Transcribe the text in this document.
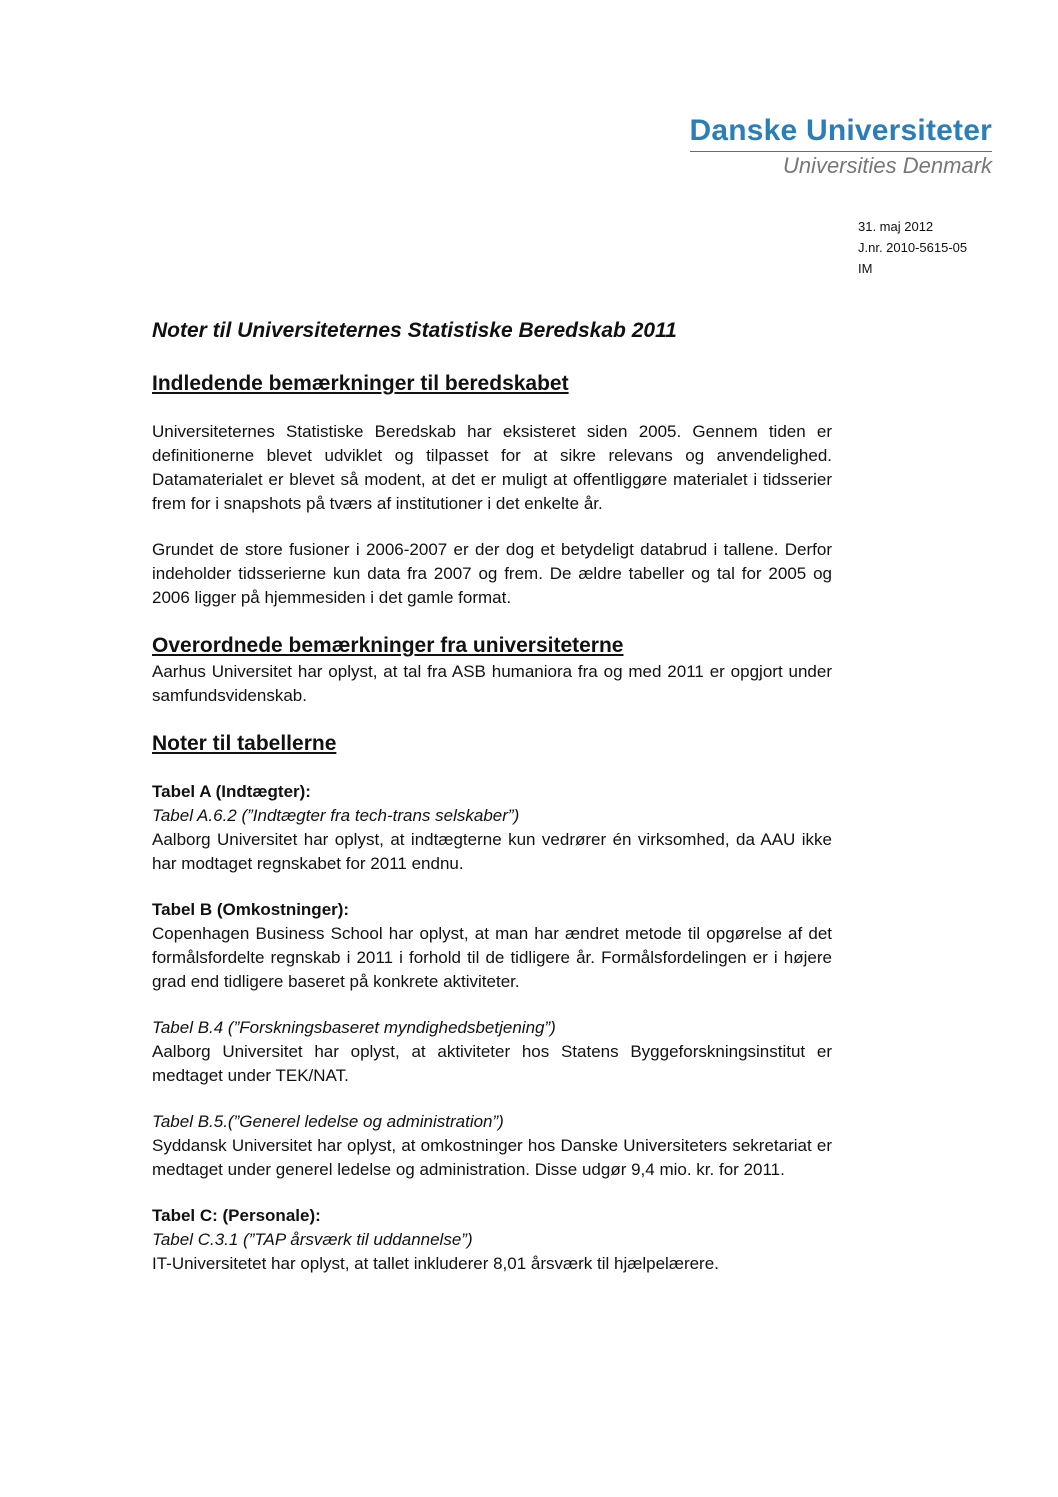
Danske Universiteter
Universities Denmark
31. maj 2012
J.nr. 2010-5615-05
IM
Noter til Universiteternes Statistiske Beredskab 2011
Indledende bemærkninger til beredskabet

Universiteternes Statistiske Beredskab har eksisteret siden 2005. Gennem tiden er definitionerne blevet udviklet og tilpasset for at sikre relevans og anvendelighed. Datamaterialet er blevet så modent, at det er muligt at offentliggøre materialet i tidsserier frem for i snapshots på tværs af institutioner i det enkelte år.

Grundet de store fusioner i 2006-2007 er der dog et betydeligt databrud i tallene. Derfor indeholder tidsserierne kun data fra 2007 og frem. De ældre tabeller og tal for 2005 og 2006 ligger på hjemmesiden i det gamle format.

Overordnede bemærkninger fra universiteterne

Aarhus Universitet har oplyst, at tal fra ASB humaniora fra og med 2011 er opgjort under samfundsvidenskab.

Noter til tabellerne
Tabel A (Indtægter):
Tabel A.6.2 (”Indtægter fra tech-trans selskaber”)

Aalborg Universitet har oplyst, at indtægterne kun vedrører én virksomhed, da AAU ikke har modtaget regnskabet for 2011 endnu.

Tabel B (Omkostninger):

Copenhagen Business School har oplyst, at man har ændret metode til opgørelse af det formålsfordelte regnskab i 2011 i forhold til de tidligere år. Formålsfordelingen er i højere grad end tidligere baseret på konkrete aktiviteter.

Tabel B.4 (”Forskningsbaseret myndighedsbetjening”)

Aalborg Universitet har oplyst, at aktiviteter hos Statens Byggeforskningsinstitut er medtaget under TEK/NAT.

Tabel B.5.(”Generel ledelse og administration”)

Syddansk Universitet har oplyst, at omkostninger hos Danske Universiteters sekretariat er medtaget under generel ledelse og administration. Disse udgør 9,4 mio. kr. for 2011.

Tabel C: (Personale):
Tabel C.3.1 (”TAP årsværk til uddannelse”)

IT-Universitetet har oplyst, at tallet inkluderer 8,01 årsværk til hjælpelærere.
